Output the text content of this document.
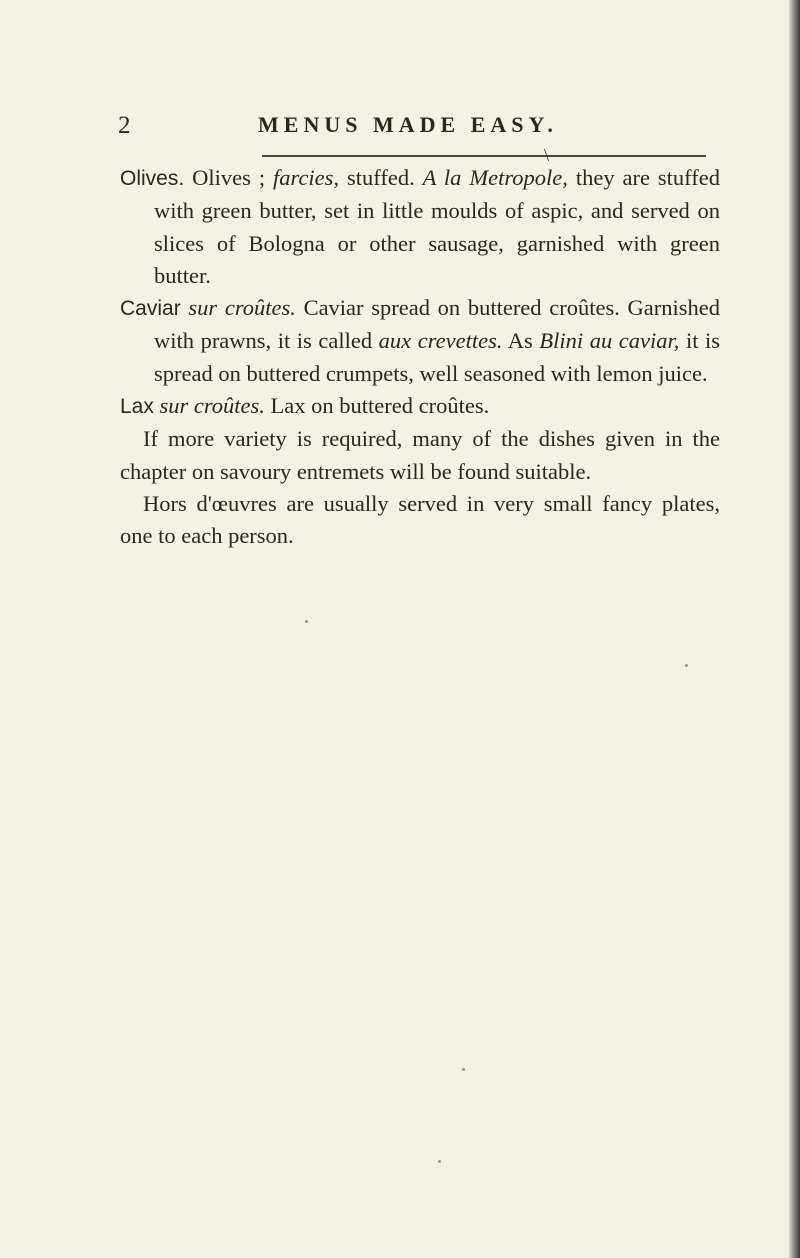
2	MENUS MADE EASY.
\

Olives. Olives ; farcies, stuffed. A la Metropole, they are stuffed with green butter, set in little moulds of aspic, and served on slices of Bologna or other sausage, garnished with green butter.

Caviar sur croûtes. Caviar spread on buttered croûtes. Garnished with prawns, it is called aux crevettes. As Blini au caviar, it is spread on buttered crumpets, well seasoned with lemon juice.

Lax sur croûtes. Lax on buttered croûtes.

If more variety is required, many of the dishes given in the chapter on savoury entremets will be found suitable.

Hors d'œuvres are usually served in very small fancy plates, one to each person.
